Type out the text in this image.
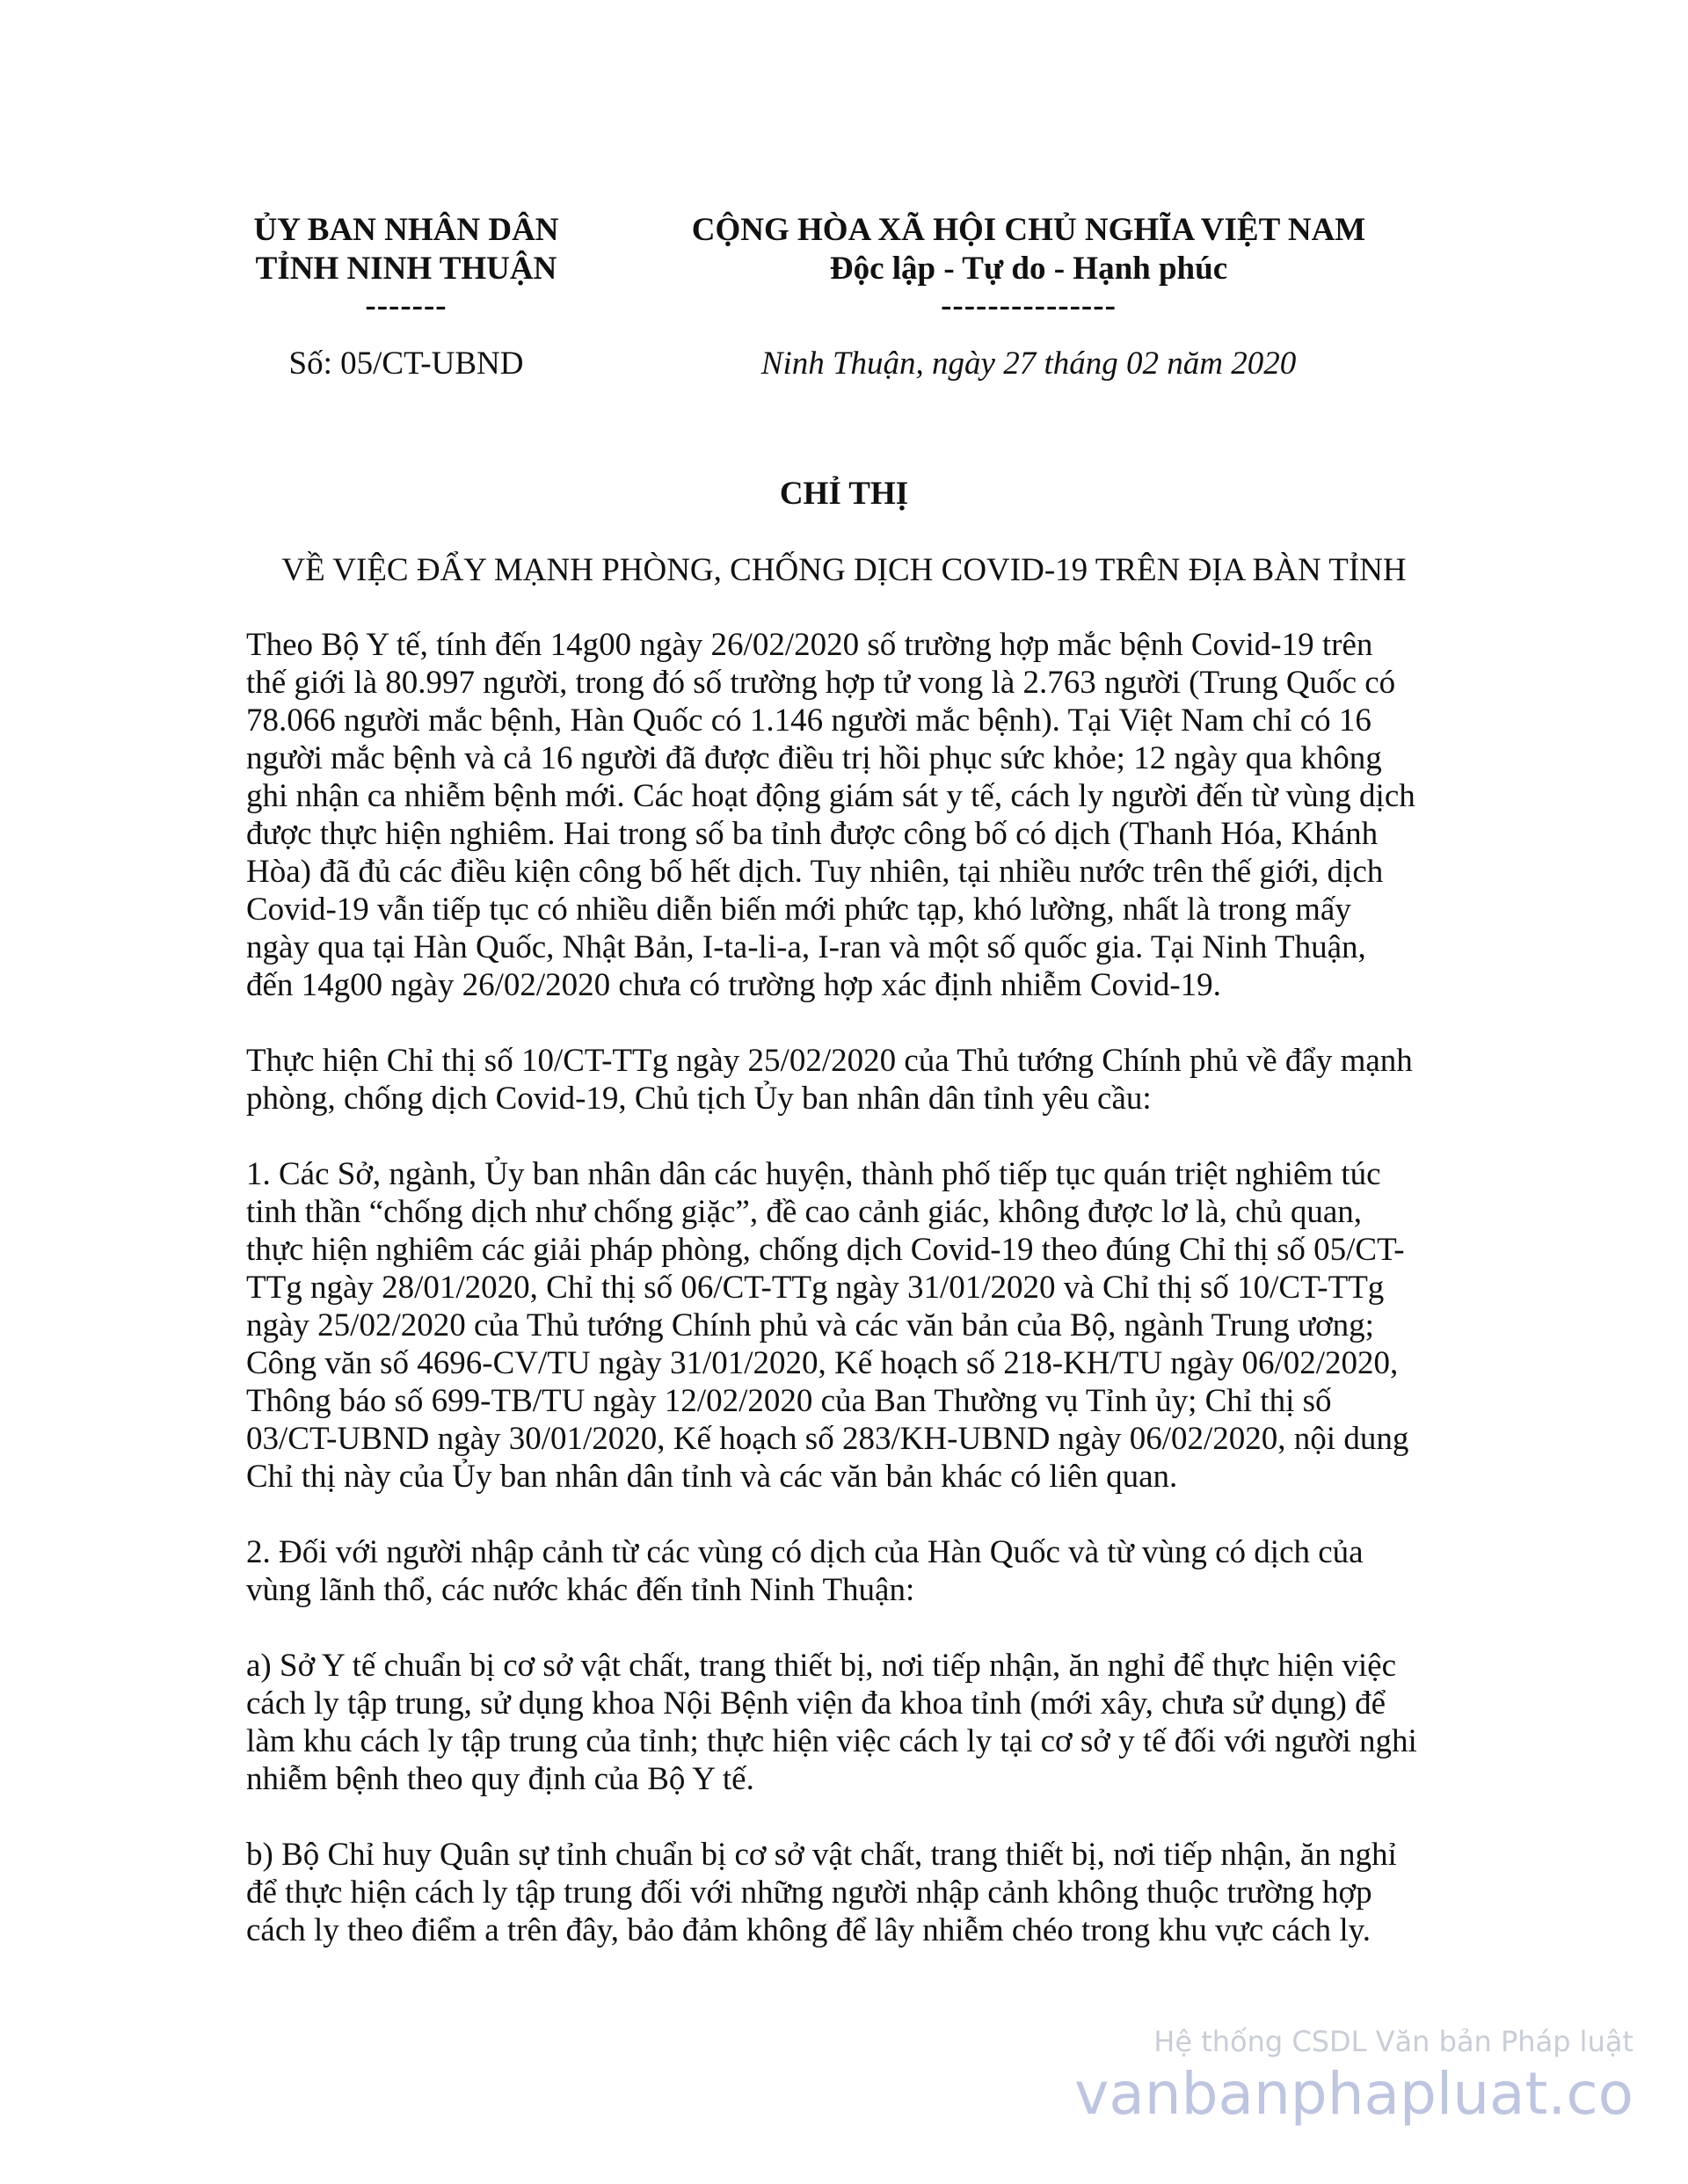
ỦY BAN NHÂN DÂN
TỈNH NINH THUẬN
-------
CỘNG HÒA XÃ HỘI CHỦ NGHĨA VIỆT NAM
Độc lập - Tự do - Hạnh phúc
---------------
Số: 05/CT-UBND	Ninh Thuận, ngày 27 tháng 02 năm 2020
CHỈ THỊ
VỀ VIỆC ĐẨY MẠNH PHÒNG, CHỐNG DỊCH COVID-19 TRÊN ĐỊA BÀN TỈNH
Theo Bộ Y tế, tính đến 14g00 ngày 26/02/2020 số trường hợp mắc bệnh Covid-19 trên
thế giới là 80.997 người, trong đó số trường hợp tử vong là 2.763 người (Trung Quốc có
78.066 người mắc bệnh, Hàn Quốc có 1.146 người mắc bệnh). Tại Việt Nam chỉ có 16
người mắc bệnh và cả 16 người đã được điều trị hồi phục sức khỏe; 12 ngày qua không
ghi nhận ca nhiễm bệnh mới. Các hoạt động giám sát y tế, cách ly người đến từ vùng dịch
được thực hiện nghiêm. Hai trong số ba tỉnh được công bố có dịch (Thanh Hóa, Khánh
Hòa) đã đủ các điều kiện công bố hết dịch. Tuy nhiên, tại nhiều nước trên thế giới, dịch
Covid-19 vẫn tiếp tục có nhiều diễn biến mới phức tạp, khó lường, nhất là trong mấy
ngày qua tại Hàn Quốc, Nhật Bản, I-ta-li-a, I-ran và một số quốc gia. Tại Ninh Thuận,
đến 14g00 ngày 26/02/2020 chưa có trường hợp xác định nhiễm Covid-19.
Thực hiện Chỉ thị số 10/CT-TTg ngày 25/02/2020 của Thủ tướng Chính phủ về đẩy mạnh
phòng, chống dịch Covid-19, Chủ tịch Ủy ban nhân dân tỉnh yêu cầu:
1. Các Sở, ngành, Ủy ban nhân dân các huyện, thành phố tiếp tục quán triệt nghiêm túc
tinh thần “chống dịch như chống giặc”, đề cao cảnh giác, không được lơ là, chủ quan,
thực hiện nghiêm các giải pháp phòng, chống dịch Covid-19 theo đúng Chỉ thị số 05/CT-
TTg ngày 28/01/2020, Chỉ thị số 06/CT-TTg ngày 31/01/2020 và Chỉ thị số 10/CT-TTg
ngày 25/02/2020 của Thủ tướng Chính phủ và các văn bản của Bộ, ngành Trung ương;
Công văn số 4696-CV/TU ngày 31/01/2020, Kế hoạch số 218-KH/TU ngày 06/02/2020,
Thông báo số 699-TB/TU ngày 12/02/2020 của Ban Thường vụ Tỉnh ủy; Chỉ thị số
03/CT-UBND ngày 30/01/2020, Kế hoạch số 283/KH-UBND ngày 06/02/2020, nội dung
Chỉ thị này của Ủy ban nhân dân tỉnh và các văn bản khác có liên quan.
2. Đối với người nhập cảnh từ các vùng có dịch của Hàn Quốc và từ vùng có dịch của
vùng lãnh thổ, các nước khác đến tỉnh Ninh Thuận:
a) Sở Y tế chuẩn bị cơ sở vật chất, trang thiết bị, nơi tiếp nhận, ăn nghỉ để thực hiện việc
cách ly tập trung, sử dụng khoa Nội Bệnh viện đa khoa tỉnh (mới xây, chưa sử dụng) để
làm khu cách ly tập trung của tỉnh; thực hiện việc cách ly tại cơ sở y tế đối với người nghi
nhiễm bệnh theo quy định của Bộ Y tế.
b) Bộ Chỉ huy Quân sự tỉnh chuẩn bị cơ sở vật chất, trang thiết bị, nơi tiếp nhận, ăn nghỉ
để thực hiện cách ly tập trung đối với những người nhập cảnh không thuộc trường hợp
cách ly theo điểm a trên đây, bảo đảm không để lây nhiễm chéo trong khu vực cách ly.
Hệ thống CSDL Văn bản Pháp luật
vanbanphapluat.co
